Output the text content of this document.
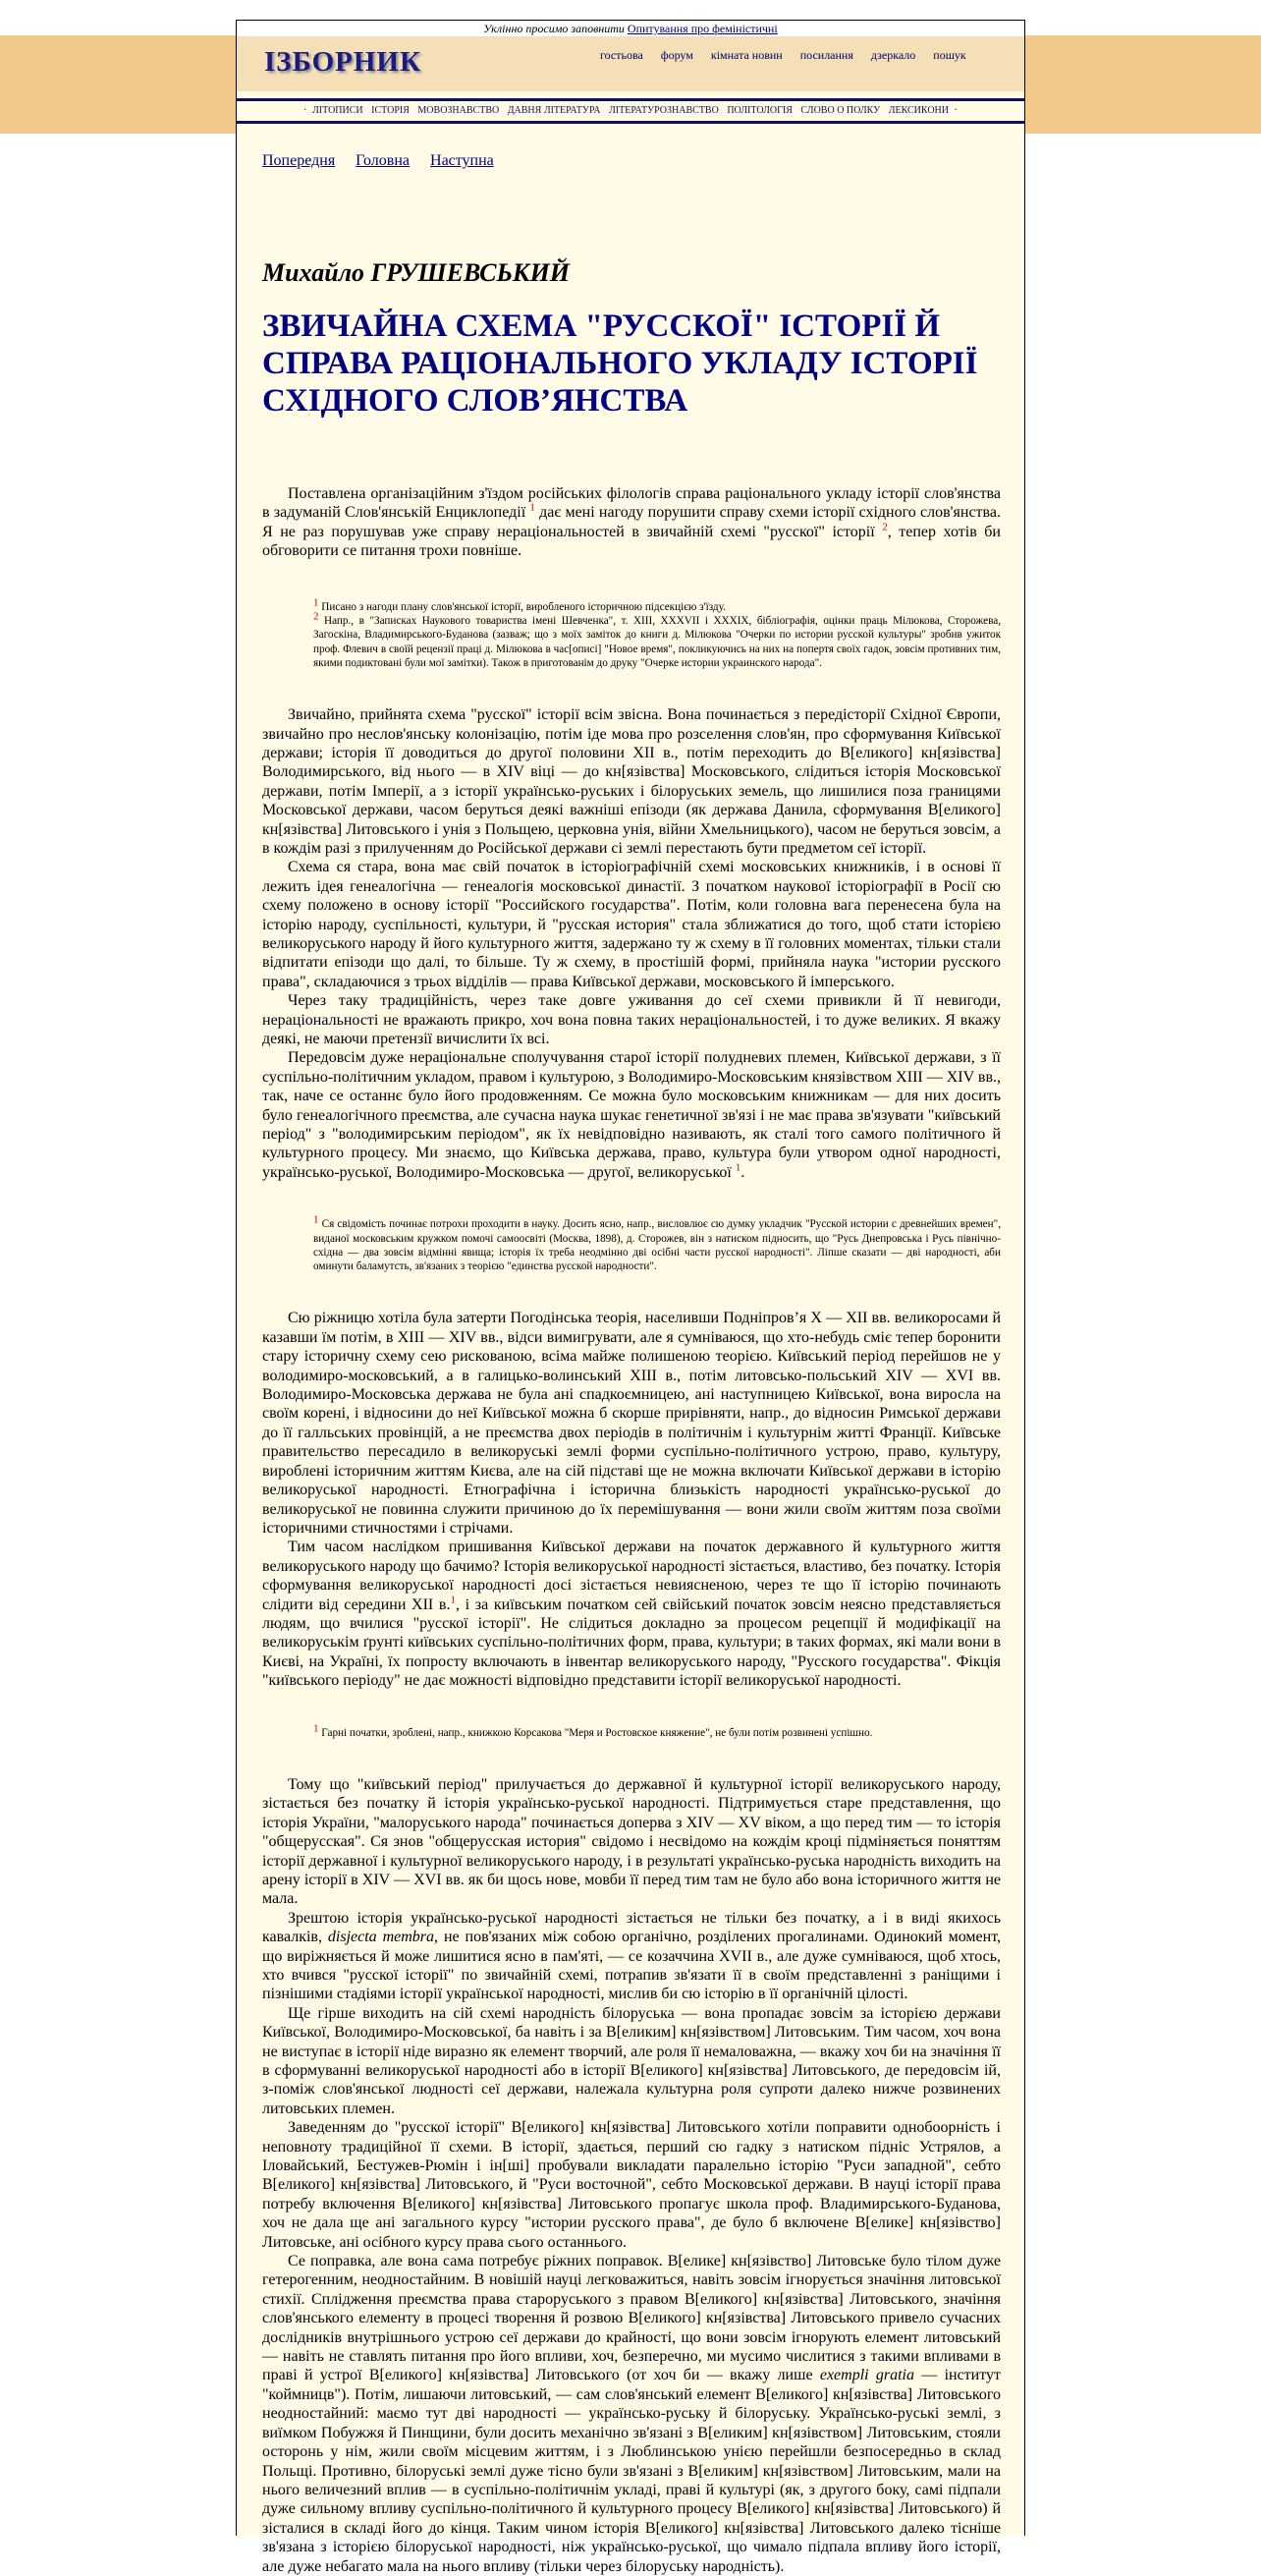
Уклінно просимо заповнити Опитування про феміністичні
ІЗБОРНИК	гостьова форум кімната новин посилання дзеркало пошук
· ЛІТОПИСИ ІСТОРІЯ МОВОЗНАВСТВО ДАВНЯ ЛІТЕРАТУРА ЛІТЕРАТУРОЗНАВСТВО ПОЛІТОЛОГІЯ СЛОВО О ПОЛКУ ЛЕКСИКОНИ ·
Попередня Головна Наступна
Михайло ГРУШЕВСЬКИЙ
ЗВИЧАЙНА СХЕМА "РУССКОЇ" ІСТОРІЇ Й СПРАВА РАЦІОНАЛЬНОГО УКЛАДУ ІСТОРІЇ СХІДНОГО СЛОВ’ЯНСТВА

Поставлена організаційним з'їздом російських філологів справа раціонального укладу історії слов'янства в задуманій Слов'янській Енциклопедії $^1$ дає мені нагоду порушити справу схеми історії східного слов'янства. Я не раз порушував уже справу нераціональностей в звичайній схемі "русcкої" історії $^2$, тепер хотів би обговорити се питання трохи повніше.

1 Писано з нагоди плану слов'янської історії, виробленого історичною підсекцією з'їзду.

2 Напр., в "Записках Наукового товариства імені Шевченка", т. XIII, XXXVII і XXXIX, бібліографія, оцінки праць Мілюкова, Сторожева, Загоскіна, Владимирського-Буданова (зазваж; що з моїх заміток до книги д. Мілюкова "Очерки по истории русской культуры" зробив ужиток проф. Флевич в своїй рецензії праці д. Мілюкова в час[описі] "Новое время", покликуючись на них на попертя своїх гадок, зовсім противних тим, якими подиктовані були мої замітки). Також в приготованім до друку "Очерке истории украинского народа".

Звичайно, прийнята схема "русcкої" історії всім звісна. Вона починається з передісторії Східної Європи, звичайно про нeслов'янську колонізацію, потім іде мова про розселення слов'ян, про сформування Київської держави; історія її доводиться до другої половини XII в., потім переходить до В[еликого] кн[язівства] Володимирського, від нього — в XIV віці — до кн[язівства] Московського, слідиться історія Московської держави, потім Імперії, а з історії українсько-руських і білоруських земель, що лишилися поза границями Московської держави, часом беруться деякі важніші епізоди (як держава Данила, сформування В[еликого] кн[язівства] Литовського і унія з Польщею, церковна унія, війни Хмельницького), часом не беруться зовсім, а в кождім разі з прилученням до Російської держави сі землі перестають бути предметом сеї історії.

Схема ся стара, вона має свій початок в історіографічній схемі московських книжників, і в основі її лежить ідея генеалогічна — генеалогія московської династії. З початком наукової історіографії в Росії сю схему положено в основу історії "Российского государства". Потім, коли головна вага перенесена була на історію народу, суспільності, культури, й "русская история" стала зближатися до того, щоб стати історією великоруського народу й його культурного життя, задержано ту ж схему в її головних моментах, тільки стали відпитати епізоди що далі, то більше. Ту ж схему, в простішій формі, прийняла наука "истории русского права", складаючися з трьох відділів — права Київської держави, московського й імперського.

Через таку традиційність, через таке довге уживання до сеї схеми привикли й її невигоди, нераціональності не вражають прикро, хоч вона повна таких нераціональностей, і то дуже великих. Я вкажу деякі, не маючи претензії вичислити їх всі.

Передовсім дуже нераціональне сполучування старої історії полудневих племен, Київської держави, з її суспільно-політичним укладом, правом і культурою, з Володимиро-Московським князівством XIII — XIV вв., так, наче се останнє було його продовженням. Се можна було московським книжникам — для них досить було генеалогічного преємства, але сучасна наука шукає генетичної зв'язі і не має права зв'язувати "київський період" з "володимирським періодом", як їх невідповідно називають, як сталі того самого політичного й культурного процесу. Ми знаємо, що Київська держава, право, культура були утвором одної народності, українсько-руської, Володимиро-Московська — другої, великоруської $^1$.

1 Ся свідомість починає потрохи проходити в науку. Досить ясно, напр., висловлює сю думку укладчик "Русской истории с древнейших времен", виданої московським кружком помочі самоосвіті (Москва, 1898), д. Сторожев, він з натиском підносить, що "Русь Днепровська і Русь північно-східна — два зовсім відмінні явища; історія їх треба неодмінно дві осібні части русскої народності". Ліпше сказати — дві народності, аби оминути баламутсть, зв'язаних з теорією "единства русской народности".

Сю ріжницю хотіла була затерти Погодінська теорія, населивши Подніпров’я X — XII вв. великоросами й казавши їм потім, в XIII — XIV вв., відси вимигрувати, але я сумніваюся, що хто-небудь сміє тепер боронити стару історичну схему сею рискованою, всіма майже полишеною теорією. Київський період перейшов не у володимиро-московський, а в галицько-волинський XIII в., потім литовсько-польський XIV — XVI вв. Володимиро-Московська держава не була ані спадкоємницею, ані наступницею Київської, вона виросла на своїм корені, і відносини до неї Київської можна б скорше прирівняти, напр., до відносин Римської держави до її галльських провінцій, а не преємства двох періодів в політичнім і культурнім житті Франції. Київське правительство пересадило в великоруські землі форми суспільно-політичного устрою, право, культуру, вироблені історичним життям Києва, але на сій підставі ще не можна включати Київської держави в історію великоруської народності. Етнографічна і історична близькість народності українсько-руської до великоруської не повинна служити причиною до їх перемішування — вони жили своїм життям поза своїми історичними стичностями і стрічами.

Тим часом наслідком пришивання Київської держави на початок державного й культурного життя великоруського народу що бачимо? Історія великоруської народності зістається, властиво, без початку. Історія сформування великоруської народності досі зістається невиясненою, через те що її історію починають слідити від середини XII в.$^1$, і за київським початком сей свійський початок зовсім неясно представляється людям, що вчилися "русcкої історії". Не слідиться докладно за процесом рецепції й модифікації на великоруськім ґрунті київських суспільно-політичних форм, права, культури; в таких формах, які мали вони в Києві, на Україні, їх попросту включають в інвентар великоруського народу, "Русского государства". Фікція "київського періоду" не дає можності відповідно представити історії великоруської народності.

1 Гарні початки, зроблені, напр., книжкою Корсакова "Меря и Ростовское княжение", не були потім розвинені успішно.

Тому що "київський період" прилучається до державної й культурної історії великоруського народу, зістається без початку й історія українсько-руської народності. Підтримується старе представлення, що історія України, "малоруського народа" починається доперва з XIV — XV віком, а що перед тим — то історія "общерусская". Ся знов "общерусская история" свідомо і несвідомо на кождім кроці підміняється поняттям історії державної і культурної великоруського народу, і в результаті українсько-руська народність виходить на арену історії в XIV — XVI вв. як би щось нове, мовби її перед тим там не було або вона історичного життя не мала.

Зрештою історія українсько-руської народності зістається не тільки без початку, а і в виді якихось кавалків, disjecta membra, не пов'язаних між собою органічно, розділених прогалинами. Одинокий момент, що виріжняється й може лишитися ясно в пам'яті, — се козаччина XVII в., але дуже сумніваюся, щоб хтось, хто вчився "русcкої історії" по звичайній схемі, потрапив зв'язати її в своїм представленні з раніщими і пізнішими стадіями історії українськoї народності, мислив би сю історію в її органічній цілості.

Ще гірше виходить на сій схемі народність білоруська — вона пропадає зовсім за історією держави Київської, Володимиро-Московської, ба навіть і за В[еликим] кн[язівством] Литовським. Тим часом, хоч вона не виступає в історії ніде виразно як елемент творчий, але роля її немаловажна, — вкажу хоч би на значіння її в сформуванні великоруської народності або в історії В[еликого] кн[язівства] Литовського, де передовсім ій, з-поміж слов'янської людності сеї держави, належала культурна роля супроти далеко нижче розвинених литовських племен.

Заведенням до "русcкої історії" В[еликого] кн[язівства] Литовського хотіли поправити однобоорність і неповноту традиційної її схеми. В історії, здається, перший сю гадку з натиском підніс Устрялов, а Іловайський, Бестужев-Рюмін і ін[ші] пробували викладати паралельно історію "Руси западной", себто В[еликого] кн[язівства] Литовського, й "Руси восточной", себто Московської держави. В науці історії права потребу включення В[еликого] кн[язівства] Литовського пропагує школа проф. Владимирського-Буданова, хоч не дала ще ані загального курсу "истории русского права", де було б включене В[елике] кн[язівство] Литовське, ані осібного курсу права сього останнього.

Се поправка, але вона сама потребує ріжних поправок. В[елике] кн[язівство] Литовське було тілом дуже гетерогенним, неодностайним. В новішій науці легковажиться, навіть зовсім ігнорується значіння литовської стихії. Сплідження преємства права старoруського з правом В[еликого] кн[язівства] Литовського, значіння слов'янського елементу в процесі творення й розвою В[еликого] кн[язівства] Литовського привело сучасних дослідників внутрішнього устрою сеї держави до крайності, що вони зовсім ігнорують елемент литовський — навіть не ставлять питання про його впливи, хоч, безперечно, ми мусимо числитися з такими впливами в праві й устрої В[еликого] кн[язівства] Литовського (от хоч би — вкажу лише exempli gratia — інститут "коймницв"). Потім, лишаючи литовський, — сам слов'янський елемент В[еликого] кн[язівства] Литовського неодностайний: маємо тут дві народності — українсько-руську й білоруську. Українсько-руські землі, з виїмком Побужжя й Пинщини, були досить механічно зв'язані з В[еликим] кн[язівством] Литовським, стояли осторонь у нім, жили своїм місцевим життям, і з Люблинською унією перейшли безпосередньо в склад Польщі. Противно, білоруські землі дуже тісно були зв'язані з В[еликим] кн[язівством] Литовським, мали на нього величезний вплив — в суспільно-політичнім укладі, праві й культурі (як, з другого боку, самі підпали дуже сильному впливу суспільно-політичного й культурного процесу В[еликого] кн[язівства] Литовського) й зісталися в складі його до кінця. Таким чином історія В[еликого] кн[язівства] Литовського далеко тісніше зв'язана з історією білоруської народності, ніж українсько-руської, що чимало підпала впливу його історії, але дуже небагато мала на нього впливу (тільки через білоруську народність).
